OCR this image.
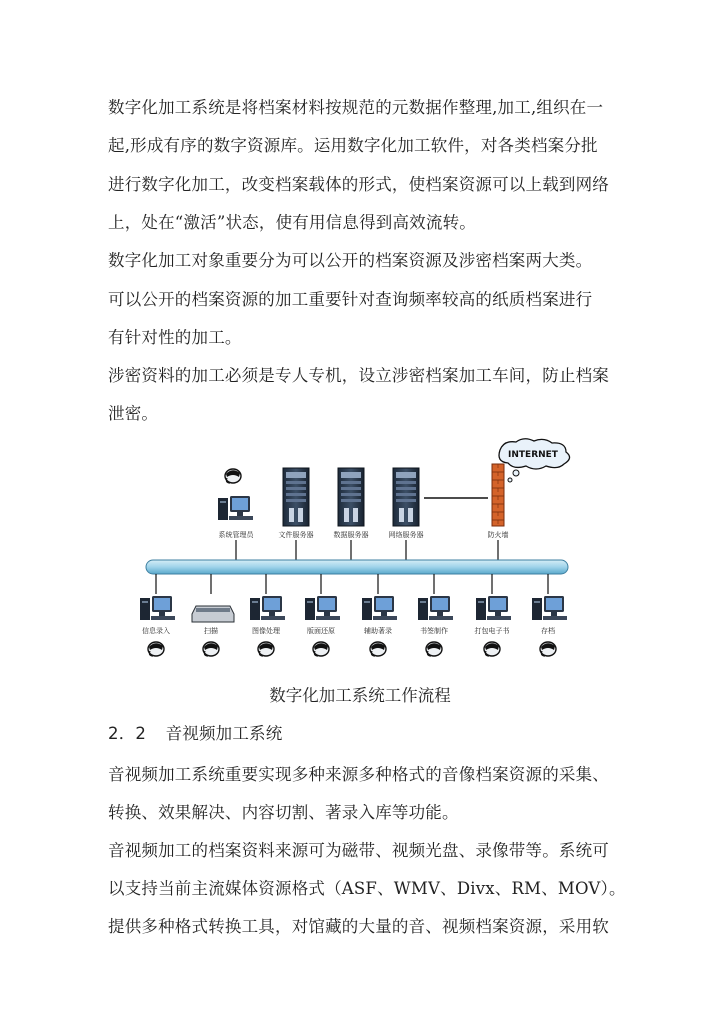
数字化加工系统是将档案材料按规范的元数据作整理,加工,组织在一
起,形成有序的数字资源库。运用数字化加工软件，对各类档案分批
进行数字化加工，改变档案载体的形式，使档案资源可以上载到网络
上，处在“激活”状态，使有用信息得到高效流转。
数字化加工对象重要分为可以公开的档案资源及涉密档案两大类。
可以公开的档案资源的加工重要针对查询频率较高的纸质档案进行
有针对性的加工。
涉密资料的加工必须是专人专机，设立涉密档案加工车间，防止档案
泄密。
INTERNET
系统管理员	文件服务器	数据服务器	网络服务器	防火墙
信息录入	扫描	图像处理	版面还原	辅助著录	书签制作	打包电子书	存档
数字化加工系统工作流程
2．2 音视频加工系统
音视频加工系统重要实现多种来源多种格式的音像档案资源的采集、
转换、效果解决、内容切割、著录入库等功能。
音视频加工的档案资料来源可为磁带、视频光盘、录像带等。系统可
以支持当前主流媒体资源格式（ASF、WMV、Divx、RM、MOV）。
提供多种格式转换工具，对馆藏的大量的音、视频档案资源，采用软
